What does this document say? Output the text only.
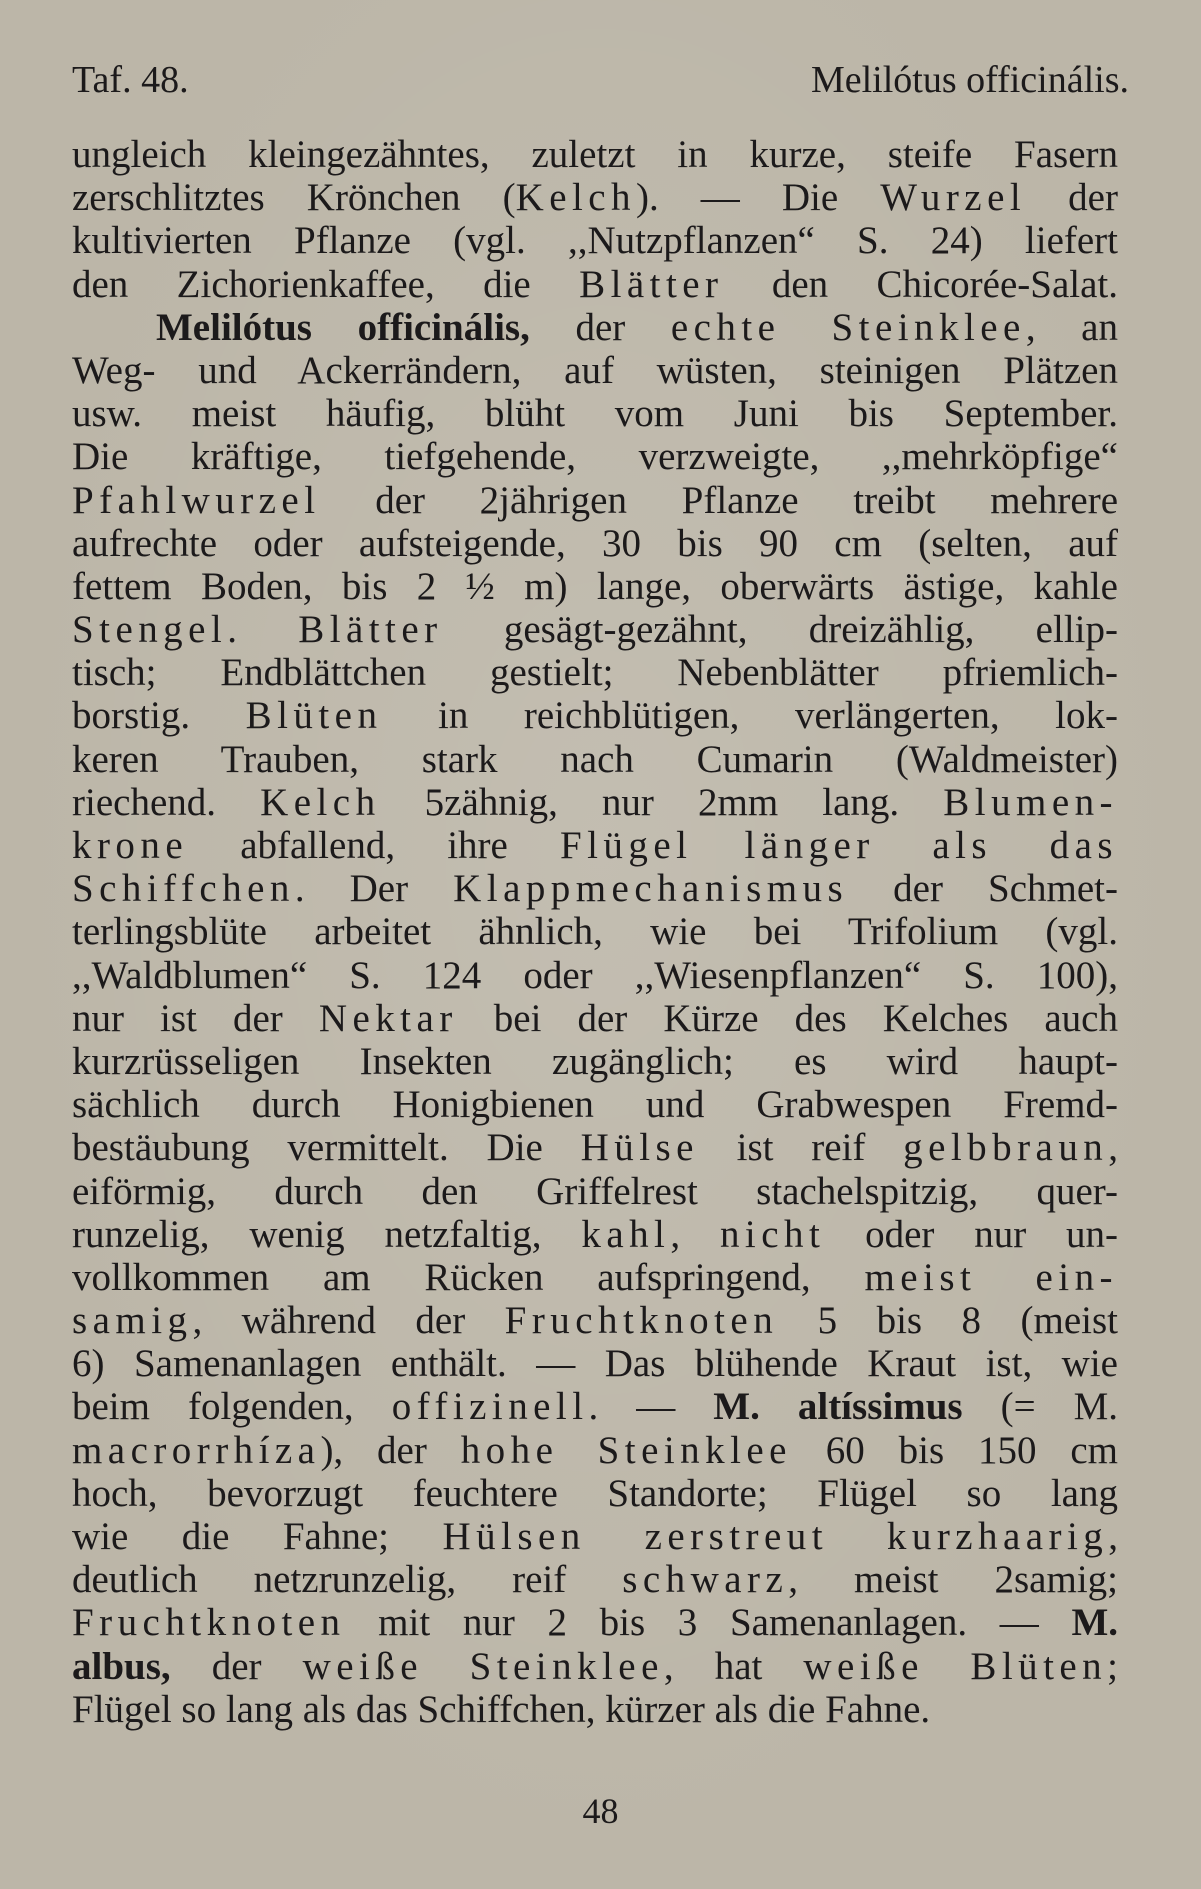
Taf. 48.	Melilótus officinális.
ungleich kleingezähntes, zuletzt in kurze, steife Fasern
zerschlitztes Krönchen (Kelch). — Die Wurzel der
kultivierten Pflanze (vgl. ,,Nutzpflanzen“ S. 24) liefert
den Zichorienkaffee, die Blätter den Chicorée-Salat.
Melilótus officinális, der echte Steinklee, an
Weg- und Ackerrändern, auf wüsten, steinigen Plätzen
usw. meist häufig, blüht vom Juni bis September.
Die kräftige, tiefgehende, verzweigte, ,,mehrköpfige“
Pfahlwurzel der 2jährigen Pflanze treibt mehrere
aufrechte oder aufsteigende, 30 bis 90 cm (selten, auf
fettem Boden, bis 2 ½ m) lange, oberwärts ästige, kahle
Stengel. Blätter gesägt-gezähnt, dreizählig, ellip-
tisch; Endblättchen gestielt; Nebenblätter pfriemlich-
borstig. Blüten in reichblütigen, verlängerten, lok-
keren Trauben, stark nach Cumarin (Waldmeister)
riechend. Kelch 5zähnig, nur 2mm lang. Blumen-
krone abfallend, ihre Flügel länger als das
Schiffchen. Der Klappmechanismus der Schmet-
terlingsblüte arbeitet ähnlich, wie bei Trifolium (vgl.
,,Waldblumen“ S. 124 oder ,,Wiesenpflanzen“ S. 100),
nur ist der Nektar bei der Kürze des Kelches auch
kurzrüsseligen Insekten zugänglich; es wird haupt-
sächlich durch Honigbienen und Grabwespen Fremd-
bestäubung vermittelt. Die Hülse ist reif gelbbraun,
eiförmig, durch den Griffelrest stachelspitzig, quer-
runzelig, wenig netzfaltig, kahl, nicht oder nur un-
vollkommen am Rücken aufspringend, meist ein-
samig, während der Fruchtknoten 5 bis 8 (meist
6) Samenanlagen enthält. — Das blühende Kraut ist, wie
beim folgenden, offizinell. — M. altíssimus (= M.
macrorrhíza), der hohe Steinklee 60 bis 150 cm
hoch, bevorzugt feuchtere Standorte; Flügel so lang
wie die Fahne; Hülsen zerstreut kurzhaarig,
deutlich netzrunzelig, reif schwarz, meist 2samig;
Fruchtknoten mit nur 2 bis 3 Samenanlagen. — M.
albus, der weiße Steinklee, hat weiße Blüten;
Flügel so lang als das Schiffchen, kürzer als die Fahne.
48
